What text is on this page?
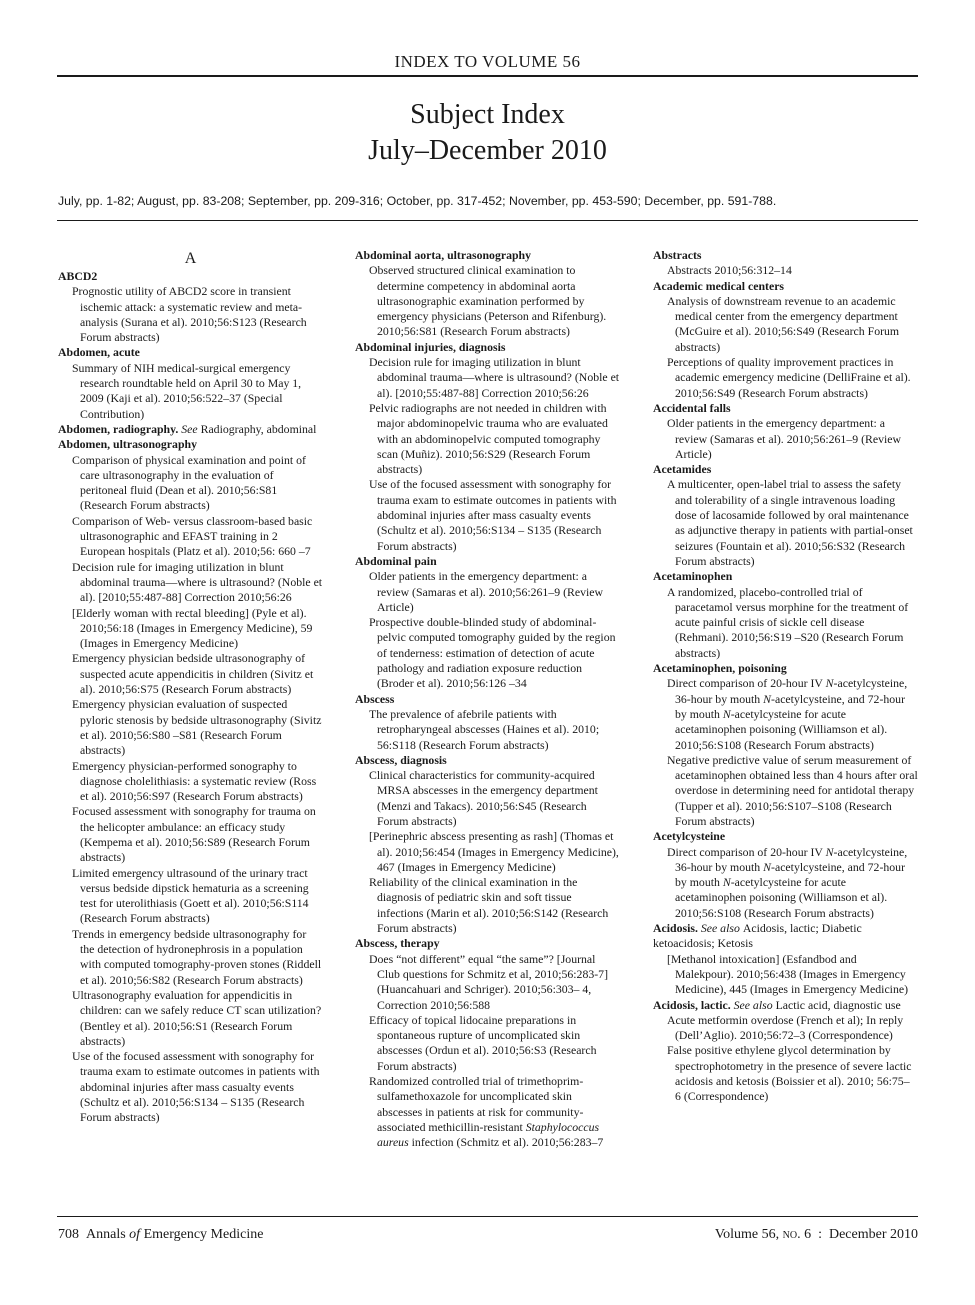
INDEX TO VOLUME 56
Subject Index
July–December 2010
July, pp. 1-82; August, pp. 83-208; September, pp. 209-316; October, pp. 317-452; November, pp. 453-590; December, pp. 591-788.
A
ABCD2
Prognostic utility of ABCD2 score in transient ischemic attack: a systematic review and meta-analysis (Surana et al). 2010;56:S123 (Research Forum abstracts)
Abdomen, acute
Summary of NIH medical-surgical emergency research roundtable held on April 30 to May 1, 2009 (Kaji et al). 2010;56:522–37 (Special Contribution)
Abdomen, radiography. See Radiography, abdominal
Abdomen, ultrasonography
Comparison of physical examination and point of care ultrasonography in the evaluation of peritoneal fluid (Dean et al). 2010;56:S81 (Research Forum abstracts)
Comparison of Web- versus classroom-based basic ultrasonographic and EFAST training in 2 European hospitals (Platz et al). 2010;56: 660 –7
Decision rule for imaging utilization in blunt abdominal trauma—where is ultrasound? (Noble et al). [2010;55:487-88] Correction 2010;56:26
[Elderly woman with rectal bleeding] (Pyle et al). 2010;56:18 (Images in Emergency Medicine), 59 (Images in Emergency Medicine)
Emergency physician bedside ultrasonography of suspected acute appendicitis in children (Sivitz et al). 2010;56:S75 (Research Forum abstracts)
Emergency physician evaluation of suspected pyloric stenosis by bedside ultrasonography (Sivitz et al). 2010;56:S80 –S81 (Research Forum abstracts)
Emergency physician-performed sonography to diagnose cholelithiasis: a systematic review (Ross et al). 2010;56:S97 (Research Forum abstracts)
Focused assessment with sonography for trauma on the helicopter ambulance: an efficacy study (Kempema et al). 2010;56:S89 (Research Forum abstracts)
Limited emergency ultrasound of the urinary tract versus bedside dipstick hematuria as a screening test for uterolithiasis (Goett et al). 2010;56:S114 (Research Forum abstracts)
Trends in emergency bedside ultrasonography for the detection of hydronephrosis in a population with computed tomography-proven stones (Riddell et al). 2010;56:S82 (Research Forum abstracts)
Ultrasonography evaluation for appendicitis in children: can we safely reduce CT scan utilization? (Bentley et al). 2010;56:S1 (Research Forum abstracts)
Use of the focused assessment with sonography for trauma exam to estimate outcomes in patients with abdominal injuries after mass casualty events (Schultz et al). 2010;56:S134 – S135 (Research Forum abstracts)
Abdominal aorta, ultrasonography
Observed structured clinical examination to determine competency in abdominal aorta ultrasonographic examination performed by emergency physicians (Peterson and Rifenburg). 2010;56:S81 (Research Forum abstracts)
Abdominal injuries, diagnosis
Decision rule for imaging utilization in blunt abdominal trauma—where is ultrasound? (Noble et al). [2010;55:487-88] Correction 2010;56:26
Pelvic radiographs are not needed in children with major abdominopelvic trauma who are evaluated with an abdominopelvic computed tomography scan (Muñiz). 2010;56:S29 (Research Forum abstracts)
Use of the focused assessment with sonography for trauma exam to estimate outcomes in patients with abdominal injuries after mass casualty events (Schultz et al). 2010;56:S134 – S135 (Research Forum abstracts)
Abdominal pain
Older patients in the emergency department: a review (Samaras et al). 2010;56:261–9 (Review Article)
Prospective double-blinded study of abdominal-pelvic computed tomography guided by the region of tenderness: estimation of detection of acute pathology and radiation exposure reduction (Broder et al). 2010;56:126 –34
Abscess
The prevalence of afebrile patients with retropharyngeal abscesses (Haines et al). 2010; 56:S118 (Research Forum abstracts)
Abscess, diagnosis
Clinical characteristics for community-acquired MRSA abscesses in the emergency department (Menzi and Takacs). 2010;56:S45 (Research Forum abstracts)
[Perinephric abscess presenting as rash] (Thomas et al). 2010;56:454 (Images in Emergency Medicine), 467 (Images in Emergency Medicine)
Reliability of the clinical examination in the diagnosis of pediatric skin and soft tissue infections (Marin et al). 2010;56:S142 (Research Forum abstracts)
Abscess, therapy
Does “not different” equal “the same”? [Journal Club questions for Schmitz et al, 2010;56:283-7] (Huancahuari and Schriger). 2010;56:303– 4, Correction 2010;56:588
Efficacy of topical lidocaine preparations in spontaneous rupture of uncomplicated skin abscesses (Ordun et al). 2010;56:S3 (Research Forum abstracts)
Randomized controlled trial of trimethoprim-sulfamethoxazole for uncomplicated skin abscesses in patients at risk for community-associated methicillin-resistant Staphylococcus aureus infection (Schmitz et al). 2010;56:283–7
Abstracts
Abstracts 2010;56:312–14
Academic medical centers
Analysis of downstream revenue to an academic medical center from the emergency department (McGuire et al). 2010;56:S49 (Research Forum abstracts)
Perceptions of quality improvement practices in academic emergency medicine (DelliFraine et al). 2010;56:S49 (Research Forum abstracts)
Accidental falls
Older patients in the emergency department: a review (Samaras et al). 2010;56:261–9 (Review Article)
Acetamides
A multicenter, open-label trial to assess the safety and tolerability of a single intravenous loading dose of lacosamide followed by oral maintenance as adjunctive therapy in patients with partial-onset seizures (Fountain et al). 2010;56:S32 (Research Forum abstracts)
Acetaminophen
A randomized, placebo-controlled trial of paracetamol versus morphine for the treatment of acute painful crisis of sickle cell disease (Rehmani). 2010;56:S19 –S20 (Research Forum abstracts)
Acetaminophen, poisoning
Direct comparison of 20-hour IV N-acetylcysteine, 36-hour by mouth N-acetylcysteine, and 72-hour by mouth N-acetylcysteine for acute acetaminophen poisoning (Williamson et al). 2010;56:S108 (Research Forum abstracts)
Negative predictive value of serum measurement of acetaminophen obtained less than 4 hours after oral overdose in determining need for antidotal therapy (Tupper et al). 2010;56:S107–S108 (Research Forum abstracts)
Acetylcysteine
Direct comparison of 20-hour IV N-acetylcysteine, 36-hour by mouth N-acetylcysteine, and 72-hour by mouth N-acetylcysteine for acute acetaminophen poisoning (Williamson et al). 2010;56:S108 (Research Forum abstracts)
Acidosis. See also Acidosis, lactic; Diabetic ketoacidosis; Ketosis
[Methanol intoxication] (Esfandbod and Malekpour). 2010;56:438 (Images in Emergency Medicine), 445 (Images in Emergency Medicine)
Acidosis, lactic. See also Lactic acid, diagnostic use
Acute metformin overdose (French et al); In reply (Dell’Aglio). 2010;56:72–3 (Correspondence)
False positive ethylene glycol determination by spectrophotometry in the presence of severe lactic acidosis and ketosis (Boissier et al). 2010; 56:75– 6 (Correspondence)
708 Annals of Emergency Medicine	Volume 56, no. 6 : December 2010
